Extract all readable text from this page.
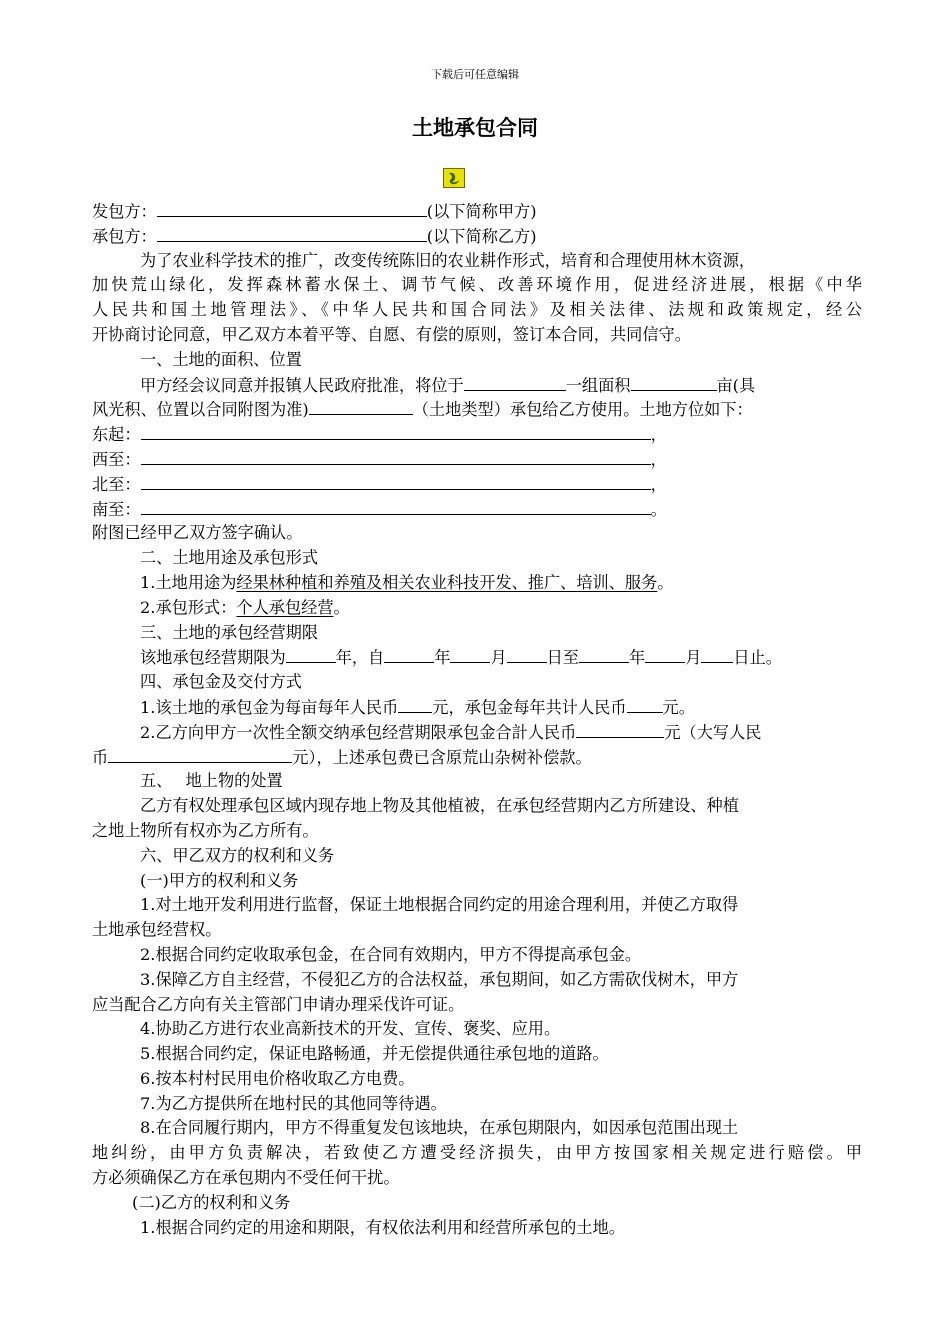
下载后可任意编辑
土地承包合同
发包方：	(以下简称甲方)
承包方：	(以下简称乙方)
为了农业科学技术的推广，改变传统陈旧的农业耕作形式，培育和合理使用林木资源，
加快荒山绿化，发挥森林蓄水保土、调节气候、改善环境作用，促进经济进展，根据《中华
人民共和国土地管理法》、《中华人民共和国合同法》及相关法律、法规和政策规定，经公
开协商讨论同意，甲乙双方本着平等、自愿、有偿的原则，签订本合同，共同信守。
一、土地的面积、位置
甲方经会议同意并报镇人民政府批准，将位于	一组面积	亩(具
风光积、位置以合同附图为准)	（土地类型）承包给乙方使用。土地方位如下：
东起：	，
西至：	，
北至：	，
南至：	。
附图已经甲乙双方签字确认。
二、土地用途及承包形式
1.土地用途为经果林种植和养殖及相关农业科技开发、推广、培训、服务。
2.承包形式：个人承包经营。
三、土地的承包经营期限
该地承包经营期限为	年，自	年 月 日至	年 月 日止。
四、承包金及交付方式
1.该土地的承包金为每亩每年人民币 元，承包金每年共计人民币 元。
2.乙方向甲方一次性全额交纳承包经营期限承包金合計人民币	元（大写人民
币	元），上述承包费已含原荒山杂树补偿款。
五、　 地上物的处置
乙方有权处理承包区域内现存地上物及其他植被，在承包经营期内乙方所建设、种植
之地上物所有权亦为乙方所有。
六、甲乙双方的权利和义务
(一)甲方的权利和义务
1.对土地开发利用进行监督，保证土地根据合同约定的用途合理利用，并使乙方取得
土地承包经营权。
2.根据合同约定收取承包金，在合同有效期内，甲方不得提高承包金。
3.保障乙方自主经营，不侵犯乙方的合法权益，承包期间，如乙方需砍伐树木，甲方
应当配合乙方向有关主管部门申请办理采伐许可证。
4.协助乙方进行农业高新技术的开发、宣传、褒奖、应用。
5.根据合同约定，保证电路畅通，并无偿提供通往承包地的道路。
6.按本村村民用电价格收取乙方电费。
7.为乙方提供所在地村民的其他同等待遇。
8.在合同履行期内，甲方不得重复发包该地块，在承包期限内，如因承包范围出现土
地纠纷，由甲方负责解决，若致使乙方遭受经济损失，由甲方按国家相关规定进行赔偿。甲
方必须确保乙方在承包期内不受任何干扰。
(二)乙方的权利和义务
1.根据合同约定的用途和期限，有权依法利用和经营所承包的土地。
